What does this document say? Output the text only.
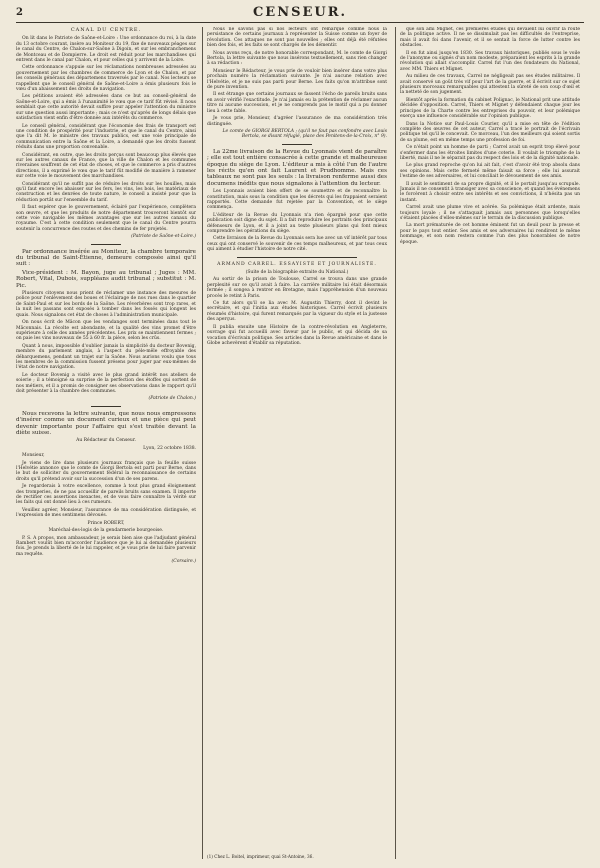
2	CENSEUR.
CANAL DU CENTRE.

On lit dans le Patriote de Saône-et-Loire : Une ordonnance du roi, à la date du 13 octobre courant, insère au Moniteur du 19, fixe de nouveaux péages sur le canal du Centre, de Chalon-sur-Saône à Digoin, et sur les embranchemens de Montceau et de Dompierre. Le droit est réduit pour les marchandises qui entrent dans le canal par Chalon, et pour celles qui y arrivent de la Loire.

Cette ordonnance s'appuie sur les réclamations nombreuses adressées au gouvernement par les chambres de commerce de Lyon et de Chalon, et par les conseils généraux des départemens traversés par le canal. Nos lecteurs se rappellent que le conseil général de Saône-et-Loire a émis plusieurs fois le vœu d'un abaissement des droits de navigation.

Les pétitions avaient été adressées dans ce but au conseil-général de Saône-et-Loire, qui a émis à l'unanimité le vœu que ce tarif fût révisé. Il nous semblait que cette autorité devait suffire pour appeler l'attention du ministre sur une question aussi importante ; mais ce n'est qu'après de longs délais que satisfaction vient enfin d'être donnée aux intérêts du commerce.

Le conseil général, considérant que l'économie des frais de transport est une condition de prospérité pour l'industrie, et que le canal du Centre, ainsi que l'a dit M. le ministre des travaux publics, est une voie principale de communication entre la Saône et la Loire, a demandé que les droits fussent réduits dans une proportion convenable.

Considérant, en outre, que les droits perçus sont beaucoup plus élevés que sur les autres canaux de France, que la ville de Chalon et les communes riveraines souffrent de cet état de choses, et que le commerce a pris d'autres directions, il a exprimé le vœu que le tarif fût modifié de manière à ramener sur cette voie le mouvement des marchandises.

Considérant qu'il ne suffit pas de réduire les droits sur les houilles, mais qu'il faut encore les abaisser sur les fers, les vins, les bois, les matériaux de construction et les denrées de toute nature, le conseil a insisté pour que la réduction portât sur l'ensemble du tarif.

Il faut espérer que le gouvernement, éclairé par l'expérience, complètera son œuvre, et que les produits de notre département trouveront bientôt sur cette voie navigable les mêmes avantages que sur les autres canaux du royaume. C'est à cette condition seulement que le canal du Centre pourra soutenir la concurrence des routes et des chemins de fer projetés.

(Patriote de Saône-et-Loire.)

Par ordonnance insérée au Moniteur, la chambre temporaire du tribunal de Saint-Étienne, demeure composée ainsi qu'il suit :

Vice-président : M. Bayon, juge au tribunal ; Juges : MM. Robert, Vital, Dubois, suppléans audit tribunal ; substitut : M. Pic.

Plusieurs citoyens nous prient de réclamer une instance des mesures de police pour l'enlèvement des boues et l'éclairage de nos rues dans le quartier de Saint-Paul et sur les bords de la Saône. Les réverbères sont trop rares, et la nuit les passans sont exposés à tomber dans les fossés qui longent les quais. Nous signalons cet état de choses à l'administration municipale.

On nous écrit de Mâcon que les vendanges sont terminées dans tout le Mâconnais. La récolte est abondante, et la qualité des vins promet d'être supérieure à celle des années précédentes. Les prix se maintiennent fermes ; on paie les vins nouveaux de 55 à 60 fr. la pièce, selon les crûs.

Quant à nous, impossible d'oublier jamais la simplicité du docteur Bovenig, membre du parlement anglais, à l'aspect du pèle-mêle effroyable des débarquemens, pendant un trajet sur la Saône. Nous aurions voulu que tous les membres de la commission fussent présens pour juger par eux-mêmes de l'état de notre navigation.

Le docteur Bovenig a visité avec le plus grand intérêt nos ateliers de soierie ; il a témoigné sa surprise de la perfection des étoffes qui sortent de nos métiers, et il a promis de consigner ses observations dans le rapport qu'il doit présenter à la chambre des communes.

(Patriote de Chalon.)

Nous recevons la lettre suivante, que nous nous empressons d'insérer comme un document curieux et une pièce qui peut devenir importante pour l'affaire qui s'est traitée devant la diète suisse.

Au Rédacteur du Censeur.
Lyon, 22 octobre 1838.

Monsieur,

Je viens de lire dans plusieurs journaux français que la feuille suisse l'Helvétie annonce que le comte de Giorgi Bertola est parti pour Berne, dans le but de solliciter du gouvernement fédéral la reconnaissance de certains droits qu'il prétend avoir sur la succession d'un de ses parens.

Je regarderais à votre excellence, comme à tout plus grand éloignement des tromperies, de ne pas accueillir de pareils bruits sans examen. Il importe de rectifier ces assertions inexactes, et de vous faire connaître la vérité sur les faits qui ont donné lieu à ces rumeurs.

Veuillez agréer, Monsieur, l'assurance de ma considération distinguée, et l'expression de mes sentimens dévoués.

Prince ROBERT,
Maréchal-des-logis de la gendarmerie bourgeoise.

P. S. A propos, mon ambassadeur, je serais bien aise que l'adjudant général Rambert voulût bien m'accorder l'audience que je lui ai demandée plusieurs fois. Je prends la liberté de le lui rappeler, et je vous prie de lui faire parvenir ma requête.

(Corsaire.)

Nous ne savons pas si nos lecteurs ont remarqué comme nous la persistance de certains journaux à représenter la Suisse comme un foyer de révolution. Ces attaques ne sont pas nouvelles ; elles ont déjà été réfutées bien des fois, et les faits se sont chargés de les démentir.

Nous avons reçu, de notre honorable correspondant, M. le comte de Giorgi Bertola, la lettre suivante que nous insérons textuellement, sans rien changer à sa rédaction :

Monsieur le Rédacteur, je vous prie de vouloir bien insérer dans votre plus prochain numéro la réclamation suivante. Je n'ai aucune relation avec l'Helvétie, et je ne suis pas parti pour Berne. Les faits qu'on m'attribue sont de pure invention.

Il est étrange que certains journaux se fassent l'écho de pareils bruits sans en avoir vérifié l'exactitude. Je n'ai jamais eu la prétention de réclamer aucun titre ni aucune succession, et je ne comprends pas le motif qui a pu donner lieu à cette fable.

Je vous prie, Monsieur, d'agréer l'assurance de ma considération très distinguée.

Le comte de GIORGI BERTOLA ; (qu'il ne faut pas confondre avec Louis Bertola, se disant réfugié, place des Penitens-de-la-Croix, n° 9).

La 22me livraison de la Revue du Lyonnais vient de paraître ; elle est tout entière consacrée à cette grande et malheureuse époque du siège de Lyon. L'éditeur a mis à côté l'un de l'autre les récits qu'en ont fait Laurent et Prudhomme. Mais ces tableaux ne sont pas les seuls : la livraison renferme aussi des documens inédits que nous signalons à l'attention du lecteur.

Les Lyonnais avaient bien offert de se soumettre et de reconnaître la constitution, mais sous la condition que les décrets qui les frappaient seraient rapportés. Cette demande fut rejetée par la Convention, et le siège commença.

L'éditeur de la Revue du Lyonnais n'a rien épargné pour que cette publication soit digne du sujet. Il a fait reproduire les portraits des principaux défenseurs de Lyon, et il a joint au texte plusieurs plans qui font mieux comprendre les opérations du siège.

Cette livraison de la Revue du Lyonnais sera lue avec un vif intérêt par tous ceux qui ont conservé le souvenir de ces temps malheureux, et par tous ceux qui aiment à étudier l'histoire de notre cité.

ARMAND CARREL. ESSAYISTE ET JOURNALISTE.
(Suite de la biographie extraite du National.)

Au sortir de la prison de Toulouse, Carrel se trouva dans une grande perplexité sur ce qu'il avait à faire. La carrière militaire lui était désormais fermée ; il songea à rentrer en Bretagne, mais l'appréhension d'un nouveau procès le retint à Paris.

Ce fut alors qu'il se lia avec M. Augustin Thierry, dont il devint le secrétaire, et qui l'initia aux études historiques. Carrel écrivit plusieurs résumés d'histoire, qui furent remarqués par la vigueur du style et la justesse des aperçus.

Il publia ensuite une Histoire de la contre-révolution en Angleterre, ouvrage qui fut accueilli avec faveur par le public, et qui décida de sa vocation d'écrivain politique. Ses articles dans la Revue américaine et dans le Globe achevèrent d'établir sa réputation.

(1) Chez L. Boitel, imprimeur, quai St-Antoine, 36.

que son ami Mignet, ces premières études qui devaient lui ouvrir la route de la politique active. Il ne se dissimulait pas les difficultés de l'entreprise, mais il avait foi dans l'avenir, et il se sentait la force de lutter contre les obstacles.

Il en fut ainsi jusqu'en 1830. Ses travaux historiques, publiés sous le voile de l'anonyme ou signés d'un nom modeste, préparaient les esprits à la grande révolution qui allait s'accomplir. Carrel fut l'un des fondateurs du National, avec MM. Thiers et Mignet.

Au milieu de ces travaux, Carrel ne négligeait pas ses études militaires. Il avait conservé un goût très vif pour l'art de la guerre, et il écrivit sur ce sujet plusieurs morceaux remarquables qui attestent la sûreté de son coup d'œil et la netteté de son jugement.

Bientôt après la formation du cabinet Polignac, le National prit une attitude décidée d'opposition. Carrel, Thiers et Mignet y défendaient chaque jour les principes de la Charte contre les entreprises du pouvoir, et leur polémique exerça une influence considérable sur l'opinion publique.

Dans la Notice sur Paul-Louis Courier, qu'il a mise en tête de l'édition complète des œuvres de cet auteur, Carrel a tracé le portrait de l'écrivain politique tel qu'il le concevait. Ce morceau, l'un des meilleurs qui soient sortis de sa plume, est en même temps une profession de foi.

Ce n'était point un homme de parti ; Carrel avait un esprit trop élevé pour s'enfermer dans les étroites limites d'une coterie. Il voulait le triomphe de la liberté, mais il ne le séparait pas du respect des lois et de la dignité nationale.

Le plus grand reproche qu'on lui ait fait, c'est d'avoir été trop absolu dans ses opinions. Mais cette fermeté même faisait sa force ; elle lui assurait l'estime de ses adversaires, et lui conciliait le dévouement de ses amis.

Il avait le sentiment de sa propre dignité, et il le portait jusqu'au scrupule. Jamais il ne consentit à transiger avec sa conscience, et quand les événemens le forcèrent à choisir entre ses intérêts et ses convictions, il n'hésita pas un instant.

Carrel avait une plume vive et acérée. Sa polémique était ardente, mais toujours loyale ; il ne s'attaquait jamais aux personnes que lorsqu'elles s'étaient placées d'elles-mêmes sur le terrain de la discussion publique.

La mort prématurée de cet homme éminent fut un deuil pour la presse et pour le pays tout entier. Ses amis et ses adversaires lui rendirent le même hommage, et son nom restera comme l'un des plus honorables de notre époque.
